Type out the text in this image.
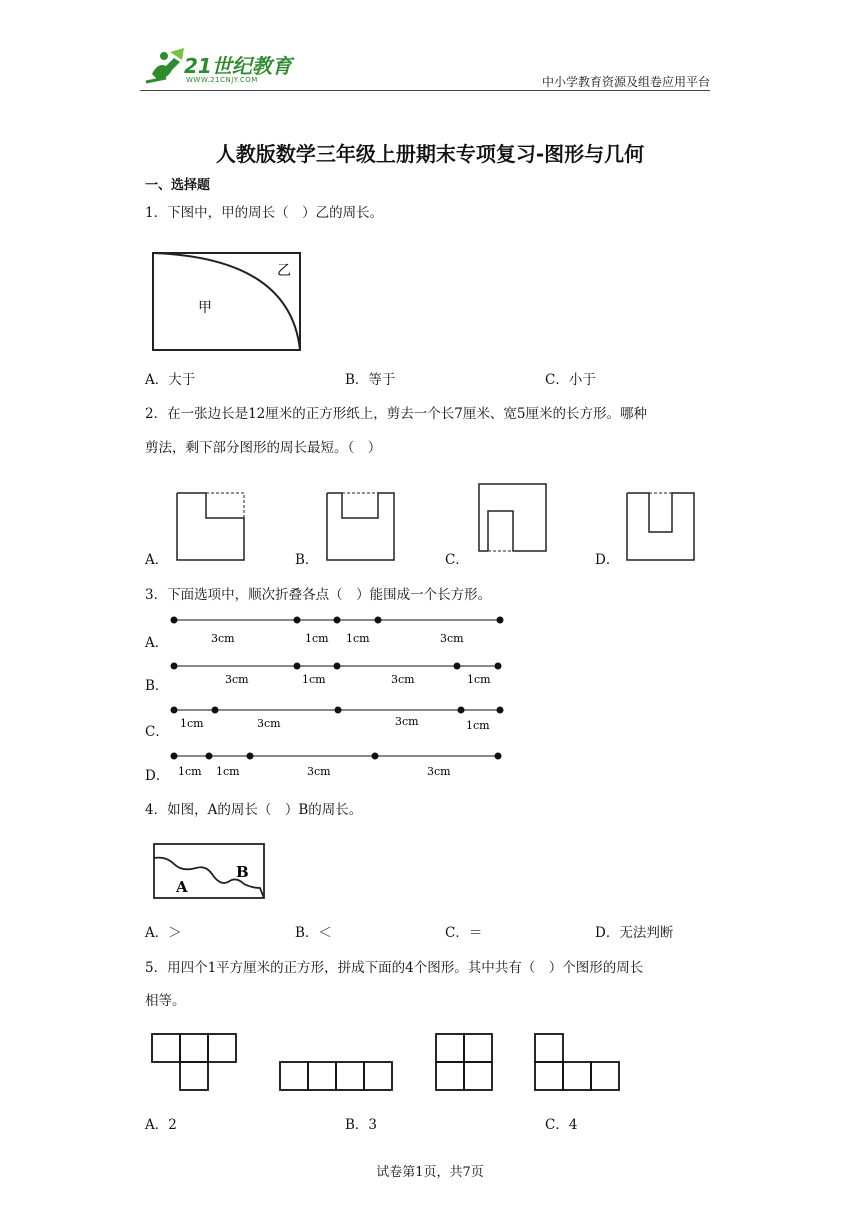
21世纪教育
WWW.21CNJY.COM	中小学教育资源及组卷应用平台
人教版数学三年级上册期末专项复习-图形与几何
一、选择题
1．下图中，甲的周长（　）乙的周长。
甲
乙
A．大于	B．等于	C．小于
2．在一张边长是12厘米的正方形纸上，剪去一个长7厘米、宽5厘米的长方形。哪种
剪法，剩下部分图形的周长最短。（　）
A．	B．	C．	D．
3．下面选项中，顺次折叠各点（　）能围成一个长方形。
A．	3cm	1cm 1cm	3cm
B．	3cm	1cm	3cm	1cm
C．
1cm	3cm	3cm	1cm
D． 1cm 1cm	3cm	3cm
4．如图，A的周长（　）B的周长。
A
B
A．＞	B．＜	C．＝	D．无法判断
5．用四个1平方厘米的正方形，拼成下面的4个图形。其中共有（　）个图形的周长
相等。
A．2	B．3	C．4
试卷第1页，共7页
